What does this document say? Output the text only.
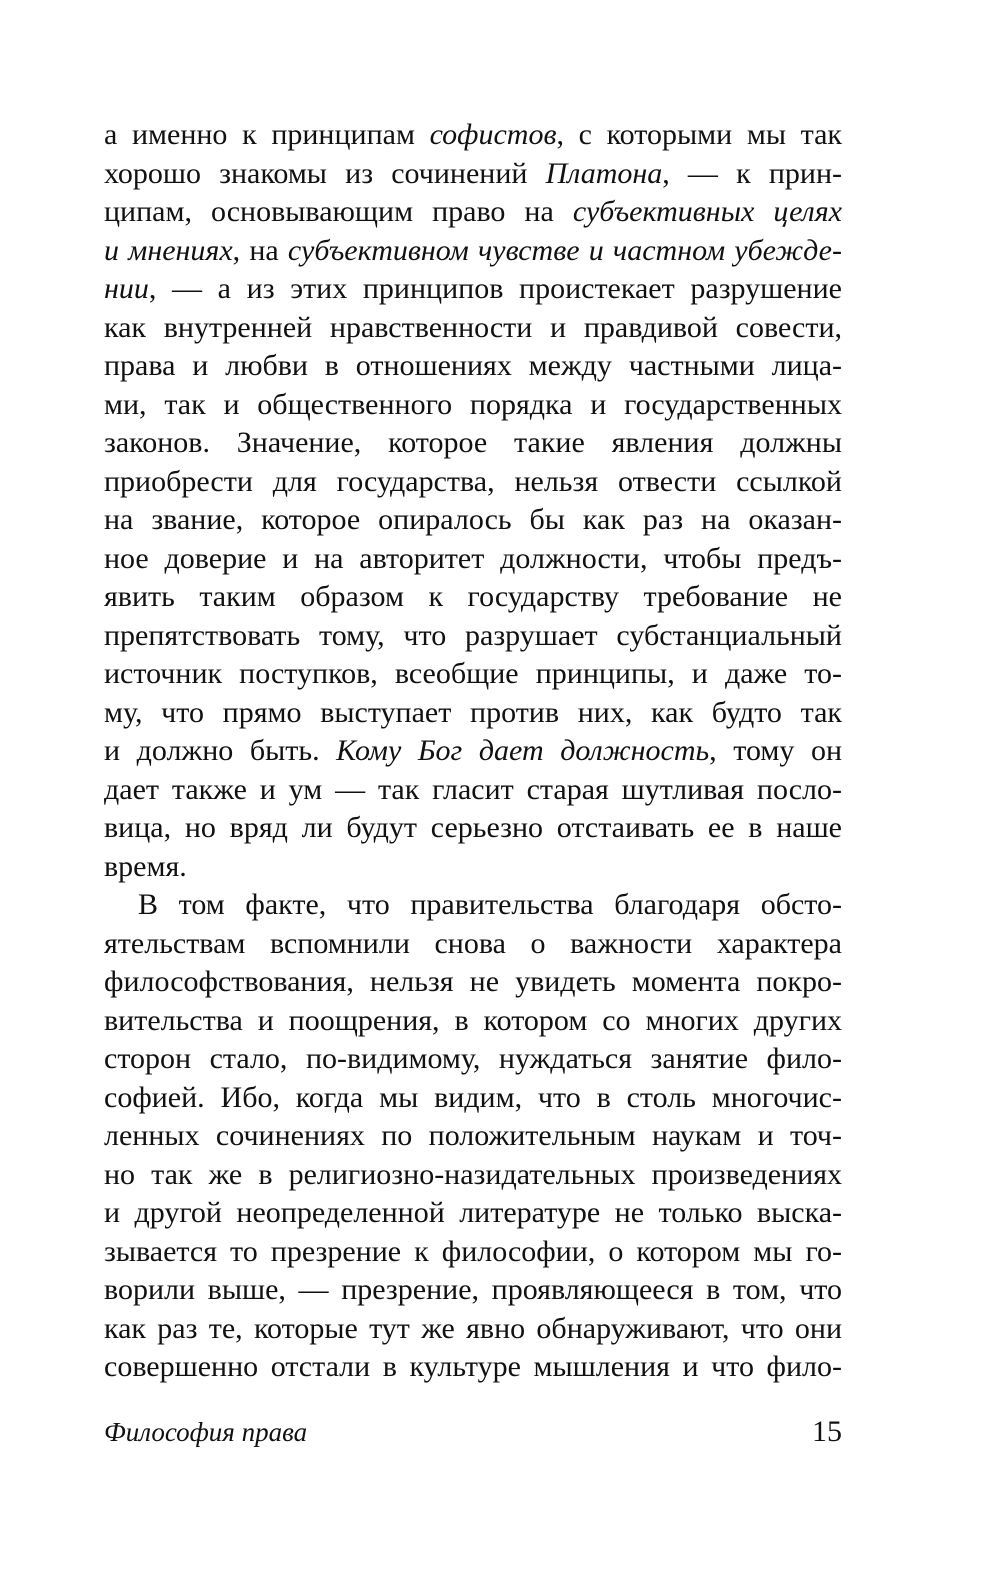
а именно к принципам софистов, с которыми мы так
хорошо знакомы из сочинений Платона, — к прин-
ципам, основывающим право на субъективных целях
и мнениях, на субъективном чувстве и частном убежде-
нии, — а из этих принципов проистекает разрушение
как внутренней нравственности и правдивой совести,
права и любви в отношениях между частными лица-
ми, так и общественного порядка и государственных
законов. Значение, которое такие явления должны
приобрести для государства, нельзя отвести ссылкой
на звание, которое опиралось бы как раз на оказан-
ное доверие и на авторитет должности, чтобы предъ-
явить таким образом к государству требование не
препятствовать тому, что разрушает субстанциальный
источник поступков, всеобщие принципы, и даже то-
му, что прямо выступает против них, как будто так
и должно быть. Кому Бог дает должность, тому он
дает также и ум — так гласит старая шутливая посло-
вица, но вряд ли будут серьезно отстаивать ее в наше
время.
В том факте, что правительства благодаря обсто-
ятельствам вспомнили снова о важности характера
философствования, нельзя не увидеть момента покро-
вительства и поощрения, в котором со многих других
сторон стало, по-видимому, нуждаться занятие фило-
софией. Ибо, когда мы видим, что в столь многочис-
ленных сочинениях по положительным наукам и точ-
но так же в религиозно-назидательных произведениях
и другой неопределенной литературе не только выска-
зывается то презрение к философии, о котором мы го-
ворили выше, — презрение, проявляющееся в том, что
как раз те, которые тут же явно обнаруживают, что они
совершенно отстали в культуре мышления и что фило-
Философия права	15
